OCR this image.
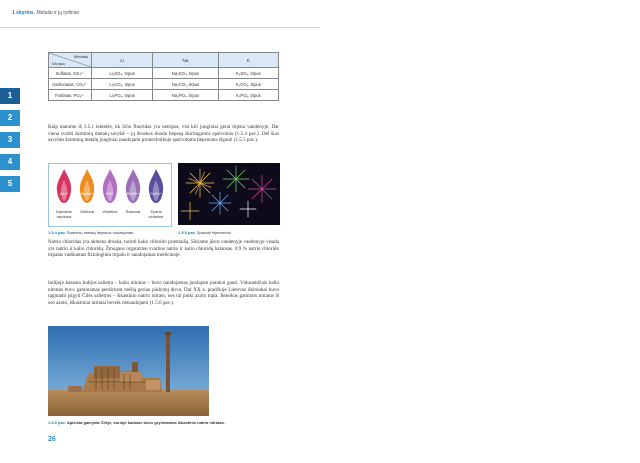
1 skyrius. Metalai ir jų lydiniai
1
2
3
4
5
Metalas
Druska	Li	Na	K
Sulfatas, SO₄²⁻	Li₂SO₄, tirpus	Na₂SO₄, tirpus	K₂SO₄, tirpus
Karbonatas, CO₃²⁻	Li₂CO₃, tirpus	Na₂CO₃, tirpus	K₂CO₃, tirpus
Fosfatas, PO₄³⁻	Li₃PO₄, tirpus	Na₃PO₄, tirpus	K₃PO₄, tirpus

Kaip matome iš 1.5.1 lentelės, tik ličio fluoridas yra netirpus, visi kiti junginiai gerai tirpsta vandenyje. Dar viena svarbi šarminių metalų savybė – jų druskos duoda liepsną skirtingomis spalvomis (1.5.4 pav.). Dėl šios savybės šarminių metalų junginiai naudojami pirotechnikoje spalvotoms liepsnoms išgauti (1.5.5 pav.).

Li/Li⁺	Na/Na⁺	K/K⁺	Rb/Rb⁺	Cs/Cs⁺
Karminio raudona
Geltona	Violetinė	Rausvai	Žydrai violetinė
1.5.4 pav. Šarminių metalų liepsnos nudažymas	1.5.5 pav. Spalvoti fejerverkai

Natrio chloridas yra akmens druska, turinti kalio chlorido priemaišų. Sūriame jūros vandenyje vandenyje visada yra natrio ir kalio chloridų. Žmogaus organizme svarbus natrio ir kalio chloridų balansas. 0,9 % natrio chlorido tirpalas vadinamas fiziologiniu tirpalu ir naudojamas medicinoje.

Indijoje kasama Indijos salietra – kalio nitratas – buvo naudojamas juodajam parakui gauti. Viduramžiais kalio nitratas buvo gaminamas perdirbant mėšlą geriau pūdymų dirva. Dar XX a. pradžioje Lietuvos ūkininkai buvo raginami įsigyti Čilės salietros – šikastinio natrio nitrato, nes tai puiki azoto trąša. Ilenokus gamintis nitratus iš oro azoto, iškastiniai nitratai beveik nenaudojami (1.5.6 pav.).

1.5.6 pav. Apleista gamykla Čilėje, kurioje kadaise buvo gryninamas iškastinis natrio nitratas.
26
